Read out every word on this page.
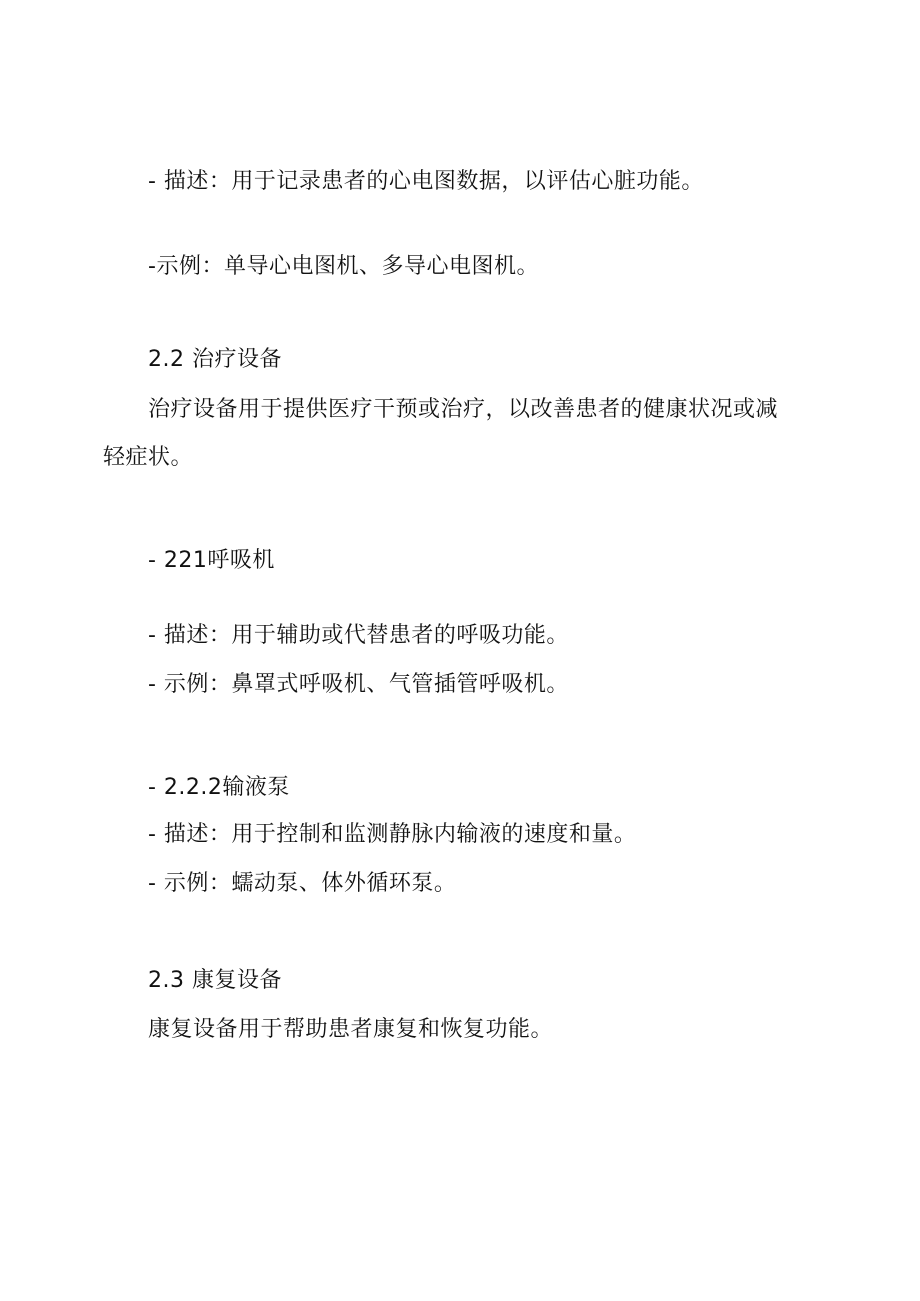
- 描述：用于记录患者的心电图数据，以评估心脏功能。
-示例：单导心电图机、多导心电图机。
2.2 治疗设备
治疗设备用于提供医疗干预或治疗，以改善患者的健康状况或减
轻症状。
- 221呼吸机
- 描述：用于辅助或代替患者的呼吸功能。
- 示例：鼻罩式呼吸机、气管插管呼吸机。
- 2.2.2输液泵
- 描述：用于控制和监测静脉内输液的速度和量。
- 示例：蠕动泵、体外循环泵。
2.3 康复设备
康复设备用于帮助患者康复和恢复功能。
